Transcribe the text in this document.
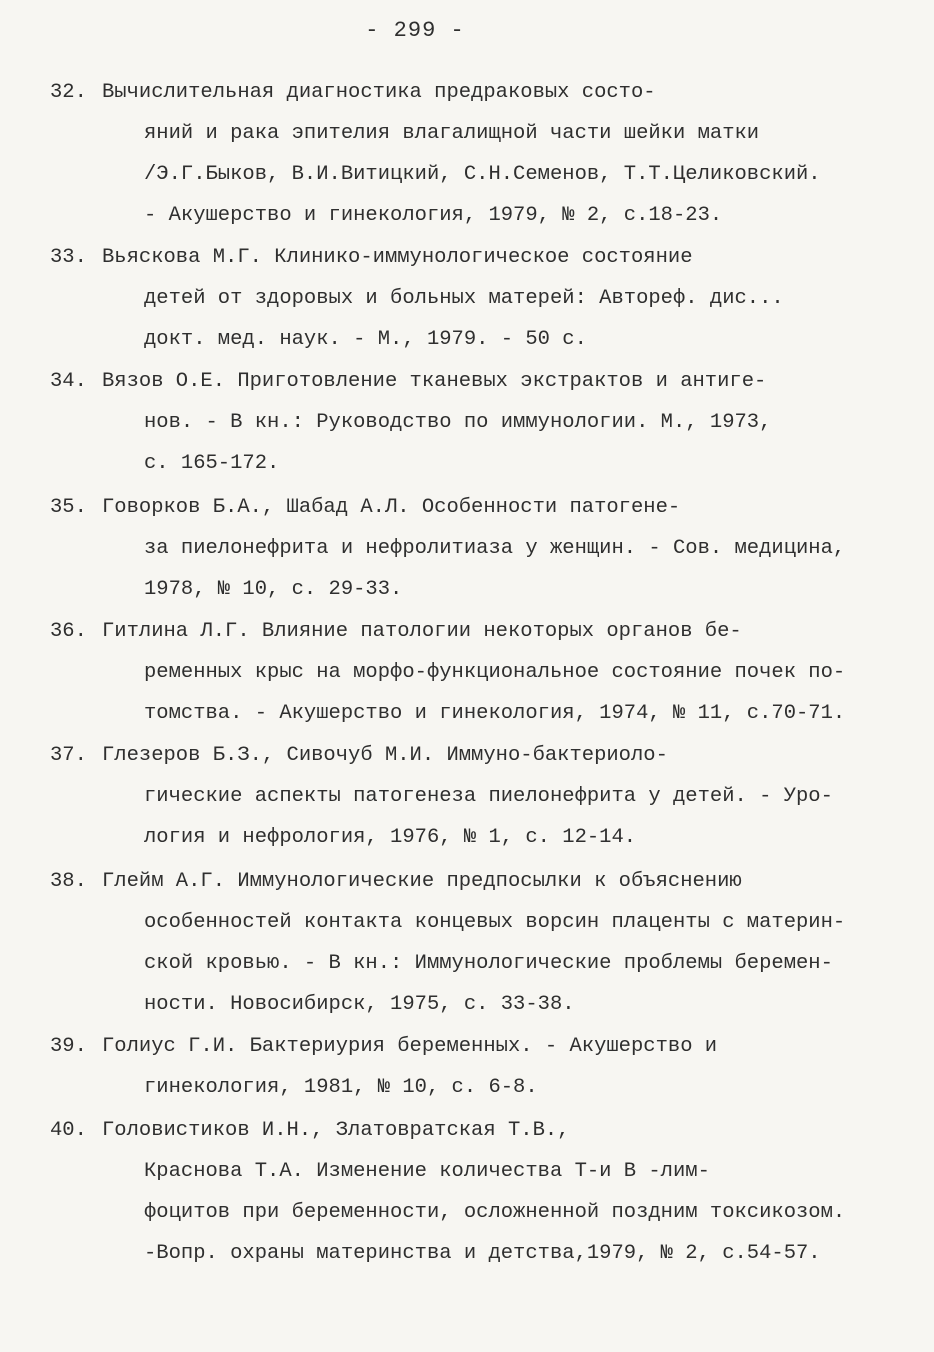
- 299 -
32. Вычислительная диагностика предраковых состо-
яний и рака эпителия влагалищной части шейки матки
/Э.Г.Быков, В.И.Витицкий, С.Н.Семенов, Т.Т.Целиковский.
- Акушерство и гинекология, 1979, № 2, с.18-23.
33. Вьяскова М.Г. Клинико-иммунологическое состояние
детей от здоровых и больных матерей: Автореф. дис...
докт. мед. наук. - М., 1979. - 50 с.
34. Вязов О.Е. Приготовление тканевых экстрактов и антиге-
нов. - В кн.: Руководство по иммунологии. М., 1973,
с. 165-172.
35. Говорков Б.А., Шабад А.Л. Особенности патогене-
за пиелонефрита и нефролитиаза у женщин. - Сов. медицина,
1978, № 10, с. 29-33.
36. Гитлина Л.Г. Влияние патологии некоторых органов бе-
ременных крыс на морфо-функциональное состояние почек по-
томства. - Акушерство и гинекология, 1974, № 11, с.70-71.
37. Глезеров Б.З., Сивочуб М.И. Иммуно-бактериоло-
гические аспекты патогенеза пиелонефрита у детей. - Уро-
логия и нефрология, 1976, № 1, с. 12-14.
38. Глейм А.Г. Иммунологические предпосылки к объяснению
особенностей контакта концевых ворсин плаценты с материн-
ской кровью. - В кн.: Иммунологические проблемы беремен-
ности. Новосибирск, 1975, с. 33-38.
39. Голиус Г.И. Бактериурия беременных. - Акушерство и
гинекология, 1981, № 10, с. 6-8.
40. Головистиков И.Н., Златовратская Т.В.,
Краснова Т.А. Изменение количества Т-и В -лим-
фоцитов при беременности, осложненной поздним токсикозом.
-Вопр. охраны материнства и детства,1979, № 2, с.54-57.
